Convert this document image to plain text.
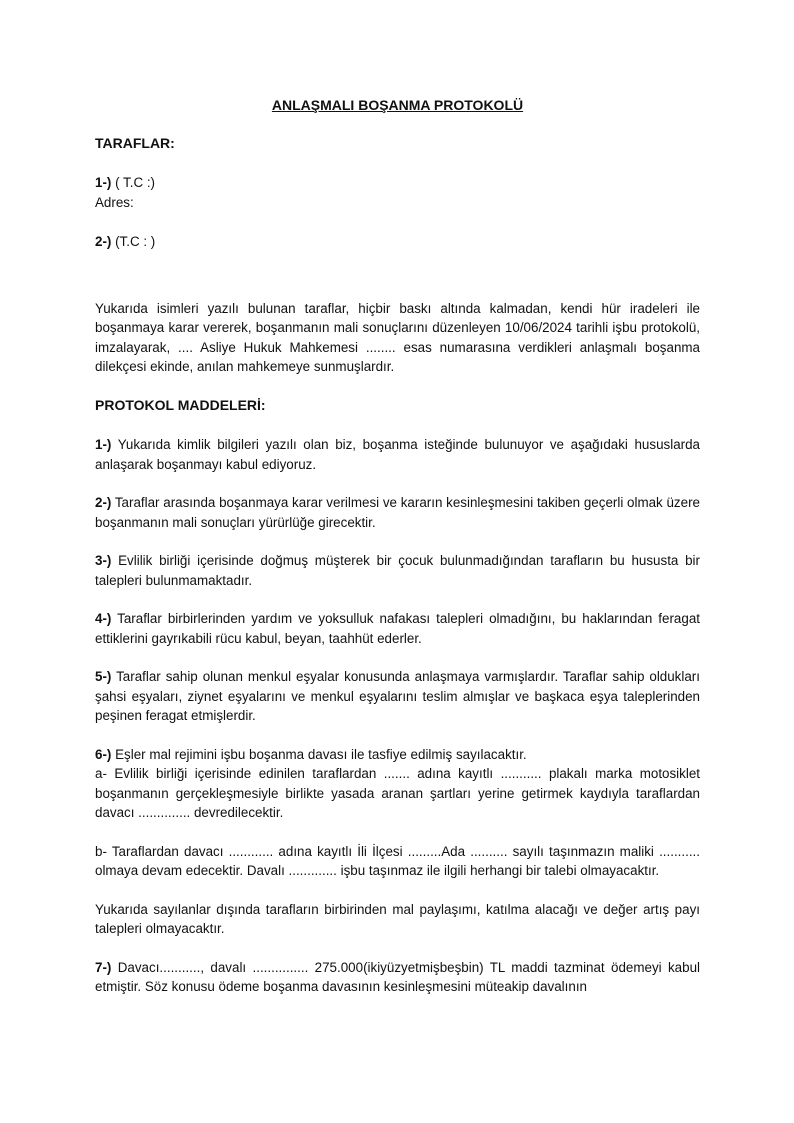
ANLAŞMALI BOŞANMA PROTOKOLÜ
TARAFLAR:
1-) ( T.C :)
Adres:
2-) (T.C : )
Yukarıda isimleri yazılı bulunan taraflar, hiçbir baskı altında kalmadan, kendi hür iradeleri ile boşanmaya karar vererek, boşanmanın mali sonuçlarını düzenleyen 10/06/2024 tarihli işbu protokolü, imzalayarak, .... Asliye Hukuk Mahkemesi ........ esas numarasına verdikleri anlaşmalı boşanma dilekçesi ekinde, anılan mahkemeye sunmuşlardır.
PROTOKOL MADDELERİ:
1-) Yukarıda kimlik bilgileri yazılı olan biz, boşanma isteğinde bulunuyor ve aşağıdaki hususlarda anlaşarak boşanmayı kabul ediyoruz.
2-) Taraflar arasında boşanmaya karar verilmesi ve kararın kesinleşmesini takiben geçerli olmak üzere boşanmanın mali sonuçları yürürlüğe girecektir.
3-) Evlilik birliği içerisinde doğmuş müşterek bir çocuk bulunmadığından tarafların bu hususta bir talepleri bulunmamaktadır.
4-) Taraflar birbirlerinden yardım ve yoksulluk nafakası talepleri olmadığını, bu haklarından feragat ettiklerini gayrıkabili rücu kabul, beyan, taahhüt ederler.
5-) Taraflar sahip olunan menkul eşyalar konusunda anlaşmaya varmışlardır. Taraflar sahip oldukları şahsi eşyaları, ziynet eşyalarını ve menkul eşyalarını teslim almışlar ve başkaca eşya taleplerinden peşinen feragat etmişlerdir.
6-) Eşler mal rejimini işbu boşanma davası ile tasfiye edilmiş sayılacaktır.
a- Evlilik birliği içerisinde edinilen taraflardan ....... adına kayıtlı ........... plakalı marka motosiklet boşanmanın gerçekleşmesiyle birlikte yasada aranan şartları yerine getirmek kaydıyla taraflardan davacı .............. devredilecektir.
b- Taraflardan davacı ............ adına kayıtlı İli İlçesi .........Ada .......... sayılı taşınmazın maliki ........... olmaya devam edecektir. Davalı ............. işbu taşınmaz ile ilgili herhangi bir talebi olmayacaktır.
Yukarıda sayılanlar dışında tarafların birbirinden mal paylaşımı, katılma alacağı ve değer artış payı talepleri olmayacaktır.
7-) Davacı..........., davalı ............... 275.000(ikiyüzyetmişbeşbin) TL maddi tazminat ödemeyi kabul etmiştir. Söz konusu ödeme boşanma davasının kesinleşmesini müteakip davalının
